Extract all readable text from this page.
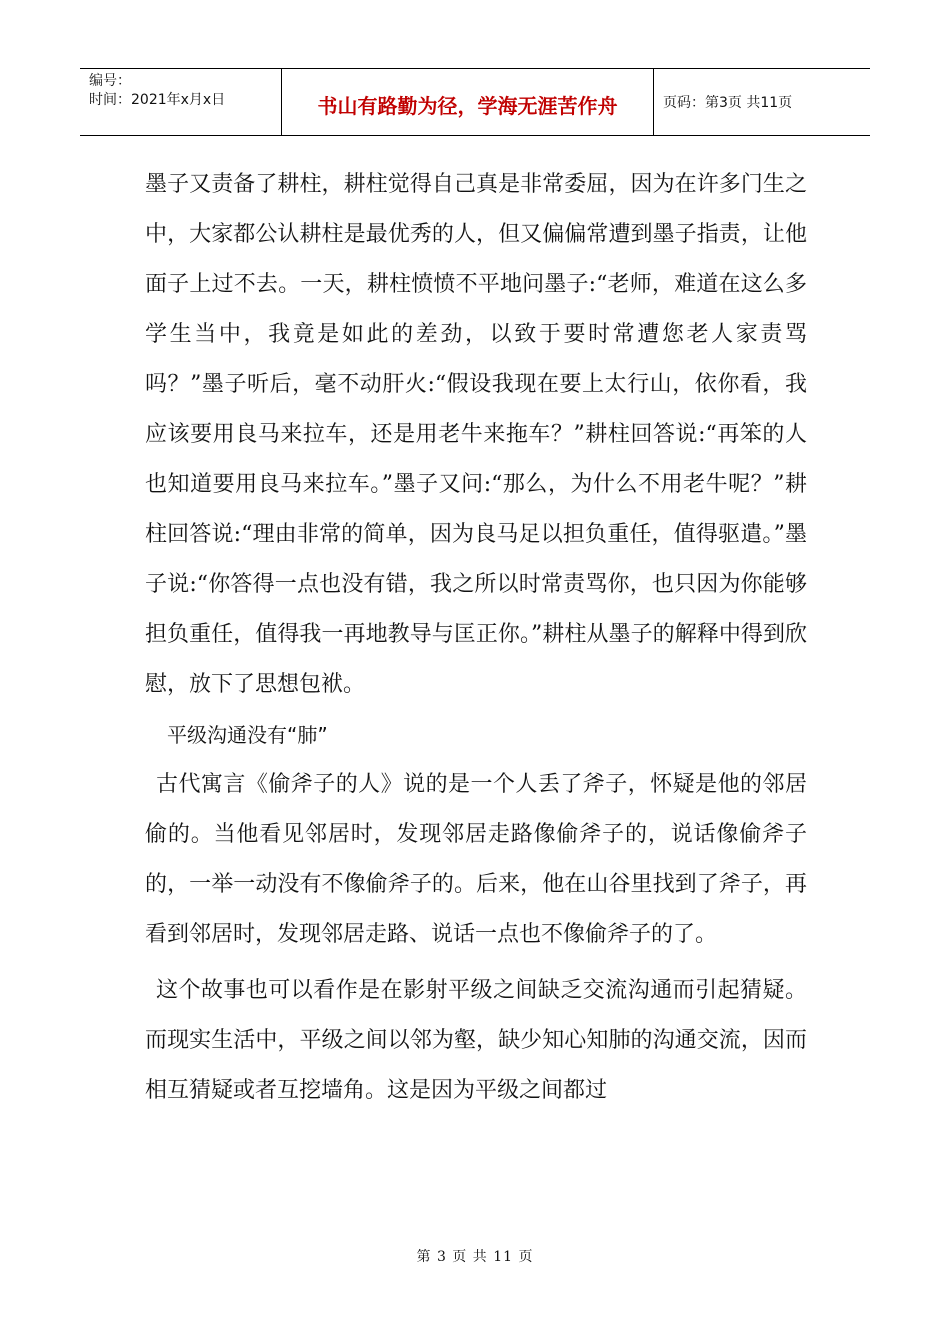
编号：
时间：2021年x月x日	书山有路勤为径，学海无涯苦作舟	页码：第3页 共11页

墨子又责备了耕柱，耕柱觉得自己真是非常委屈，因为在许多门生之中，大家都公认耕柱是最优秀的人，但又偏偏常遭到墨子指责，让他面子上过不去。一天，耕柱愤愤不平地问墨子:“老师，难道在这么多学生当中，我竟是如此的差劲，以致于要时常遭您老人家责骂吗？”墨子听后，毫不动肝火:“假设我现在要上太行山，依你看，我应该要用良马来拉车，还是用老牛来拖车？”耕柱回答说:“再笨的人也知道要用良马来拉车。”墨子又问:“那么，为什么不用老牛呢？”耕柱回答说:“理由非常的简单，因为良马足以担负重任，值得驱遣。”墨子说:“你答得一点也没有错，我之所以时常责骂你，也只因为你能够担负重任，值得我一再地教导与匡正你。”耕柱从墨子的解释中得到欣慰，放下了思想包袱。

平级沟通没有“肺”

古代寓言《偷斧子的人》说的是一个人丢了斧子，怀疑是他的邻居偷的。当他看见邻居时，发现邻居走路像偷斧子的，说话像偷斧子的，一举一动没有不像偷斧子的。后来，他在山谷里找到了斧子，再看到邻居时，发现邻居走路、说话一点也不像偷斧子的了。

这个故事也可以看作是在影射平级之间缺乏交流沟通而引起猜疑。而现实生活中，平级之间以邻为壑，缺少知心知肺的沟通交流，因而相互猜疑或者互挖墙角。这是因为平级之间都过

第 3 页 共 11 页
